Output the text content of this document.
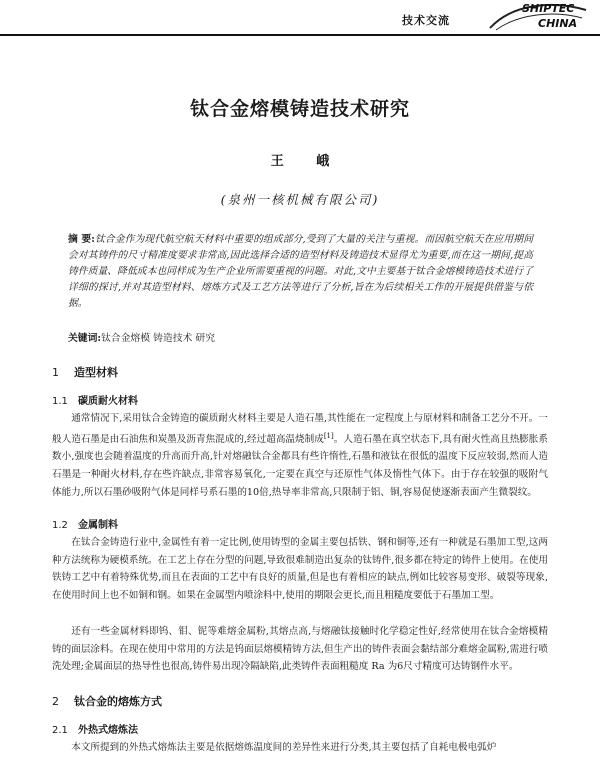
技术交流
SHIPTEC
CHINA
钛合金熔模铸造技术研究
王 峨
(泉州一核机械有限公司)
摘 要:钛合金作为现代航空航天材料中重要的组成部分,受到了大量的关注与重视。而因航空航天在应用期间会对其铸件的尺寸精准度要求非常高,因此选择合适的造型材料及铸造技术显得尤为重要,而在这一期间,提高铸件质量、降低成本也同样成为生产企业所需要重视的问题。对此,文中主要基于钛合金熔模铸造技术进行了详细的探讨,并对其造型材料、熔炼方式及工艺方法等进行了分析,旨在为后续相关工作的开展提供借鉴与依据。
关键词:钛合金熔模 铸造技术 研究
1 造型材料
1.1 碳质耐火材料
通常情况下,采用钛合金铸造的碳质耐火材料主要是人造石墨,其性能在一定程度上与原材料和制备工艺分不开。一般人造石墨是由石油焦和炭墨及沥青焦混成的,经过超高温烧制成[1]。人造石墨在真空状态下,具有耐火性高且热膨胀系数小,强度也会随着温度的升高而升高,针对熔融钛合金都具有些许惰性,石墨和液钛在很低的温度下反应较弱,然而人造石墨是一种耐火材料,存在些许缺点,非常容易氧化,一定要在真空与还原性气体及惰性气体下。由于存在较强的吸附气体能力,所以石墨砂吸附气体是同样号系石墨的10倍,热导率非常高,只限制于铝、铜,容易促使逐渐表面产生微裂纹。
1.2 金属制料
在钛合金铸造行业中,金属性有着一定比例,使用铸型的金属主要包括铁、钢和铜等,还有一种就是石墨加工型,这两种方法统称为硬模系统。在工艺上存在分型的问题,导致很难制造出复杂的钛铸件,很多都在特定的铸件上使用。在使用铁铸工艺中有着特殊优势,而且在表面的工艺中有良好的质量,但是也有着相应的缺点,例如比较容易变形、破裂等现象,在使用时间上也不如铜和钢。如果在金属型内喷涂料中,使用的期限会更长,而且粗糙度要低于石墨加工型。
还有一些金属材料即钨、钼、铌等难熔金属粉,其熔点高,与熔融钛接触时化学稳定性好,经常使用在钛合金熔模精铸的面层涂料。在现在使用中常用的方法是钨面层熔模精铸方法,但生产出的铸件表面会黏结部分难熔金属粉,需进行喷洗处理;金属面层的热导性也很高,铸件易出现冷隔缺陷,此类铸件表面粗糙度 Ra 为6尺寸精度可达铸钢件水平。
2 钛合金的熔炼方式
2.1 外热式熔炼法
本文所提到的外热式熔炼法主要是依据熔炼温度间的差异性来进行分类,其主要包括了自耗电极电弧炉
